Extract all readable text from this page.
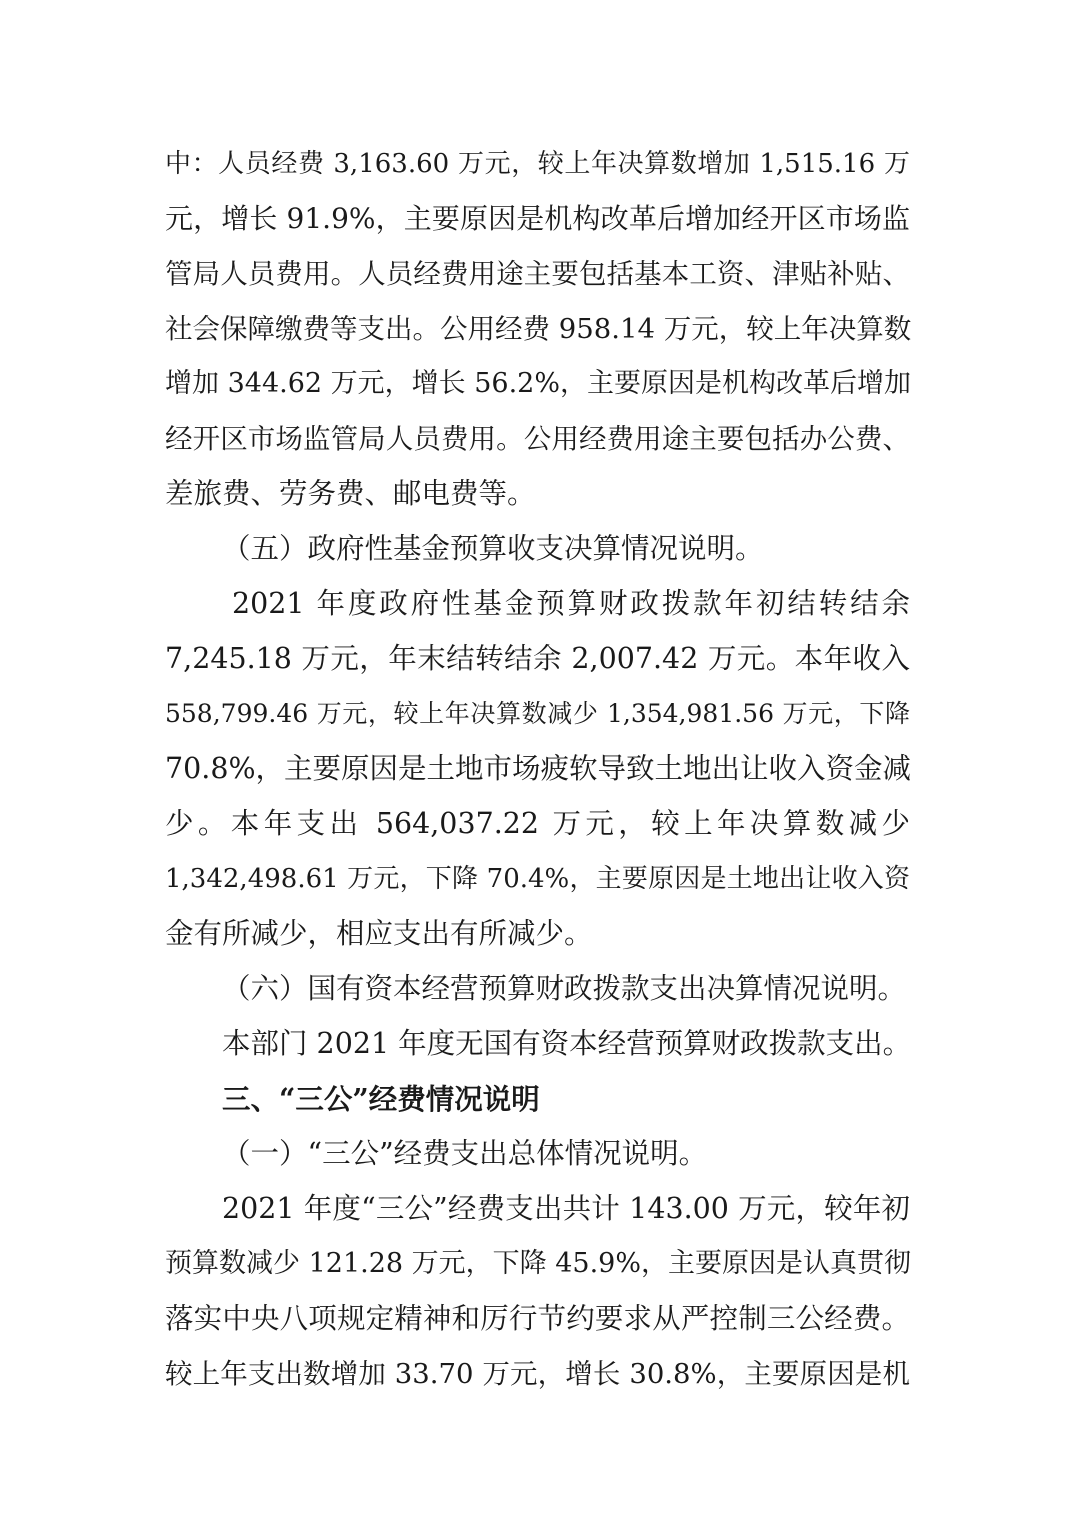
中：人员经费 3,163.60 万元，较上年决算数增加 1,515.16 万
元，增长 91.9%，主要原因是机构改革后增加经开区市场监
管局人员费用。人员经费用途主要包括基本工资、津贴补贴、
社会保障缴费等支出。公用经费 958.14 万元，较上年决算数
增加 344.62 万元，增长 56.2%，主要原因是机构改革后增加
经开区市场监管局人员费用。公用经费用途主要包括办公费、
差旅费、劳务费、邮电费等。
（五）政府性基金预算收支决算情况说明。
2021 年度政府性基金预算财政拨款年初结转结余
7,245.18 万元，年末结转结余 2,007.42 万元。本年收入
558,799.46 万元，较上年决算数减少 1,354,981.56 万元，下降
70.8%，主要原因是土地市场疲软导致土地出让收入资金减
少。本年支出 564,037.22 万元，较上年决算数减少
1,342,498.61 万元，下降 70.4%，主要原因是土地出让收入资
金有所减少，相应支出有所减少。
（六）国有资本经营预算财政拨款支出决算情况说明。
本部门 2021 年度无国有资本经营预算财政拨款支出。
三、“三公”经费情况说明
（一）“三公”经费支出总体情况说明。
2021 年度“三公”经费支出共计 143.00 万元，较年初
预算数减少 121.28 万元，下降 45.9%，主要原因是认真贯彻
落实中央八项规定精神和厉行节约要求从严控制三公经费。
较上年支出数增加 33.70 万元，增长 30.8%，主要原因是机
